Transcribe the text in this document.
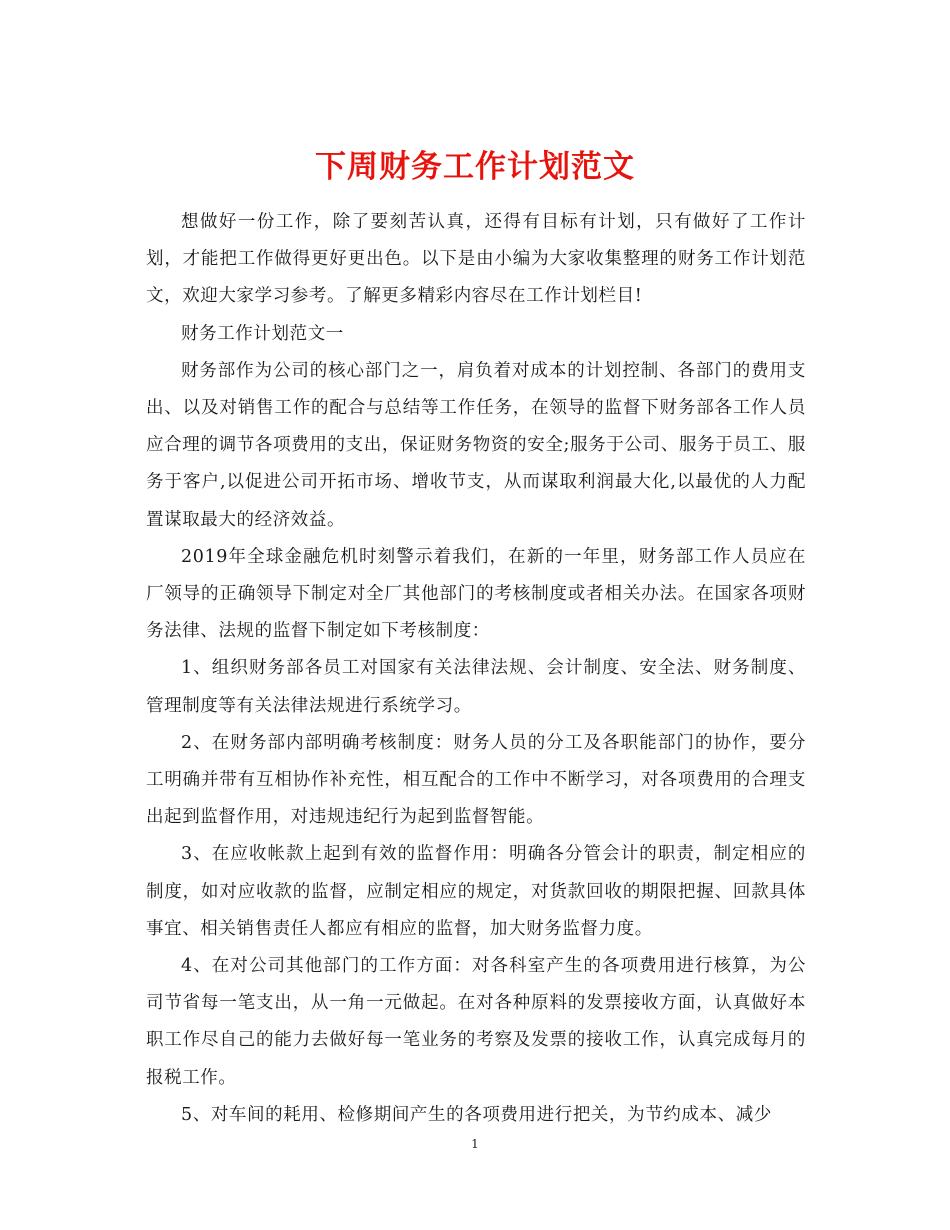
下周财务工作计划范文

想做好一份工作，除了要刻苦认真，还得有目标有计划，只有做好了工作计划，才能把工作做得更好更出色。以下是由小编为大家收集整理的财务工作计划范文，欢迎大家学习参考。了解更多精彩内容尽在工作计划栏目!

财务工作计划范文一

财务部作为公司的核心部门之一，肩负着对成本的计划控制、各部门的费用支出、以及对销售工作的配合与总结等工作任务，在领导的监督下财务部各工作人员应合理的调节各项费用的支出，保证财务物资的安全;服务于公司、服务于员工、服务于客户,以促进公司开拓市场、增收节支，从而谋取利润最大化,以最优的人力配置谋取最大的经济效益。

2019年全球金融危机时刻警示着我们，在新的一年里，财务部工作人员应在厂领导的正确领导下制定对全厂其他部门的考核制度或者相关办法。在国家各项财务法律、法规的监督下制定如下考核制度：

1、组织财务部各员工对国家有关法律法规、会计制度、安全法、财务制度、管理制度等有关法律法规进行系统学习。

2、在财务部内部明确考核制度：财务人员的分工及各职能部门的协作，要分工明确并带有互相协作补充性，相互配合的工作中不断学习，对各项费用的合理支出起到监督作用，对违规违纪行为起到监督智能。

3、在应收帐款上起到有效的监督作用：明确各分管会计的职责，制定相应的制度，如对应收款的监督，应制定相应的规定，对货款回收的期限把握、回款具体事宜、相关销售责任人都应有相应的监督，加大财务监督力度。

4、在对公司其他部门的工作方面：对各科室产生的各项费用进行核算，为公司节省每一笔支出，从一角一元做起。在对各种原料的发票接收方面，认真做好本职工作尽自己的能力去做好每一笔业务的考察及发票的接收工作，认真完成每月的报税工作。

5、对车间的耗用、检修期间产生的各项费用进行把关，为节约成本、减少

1
